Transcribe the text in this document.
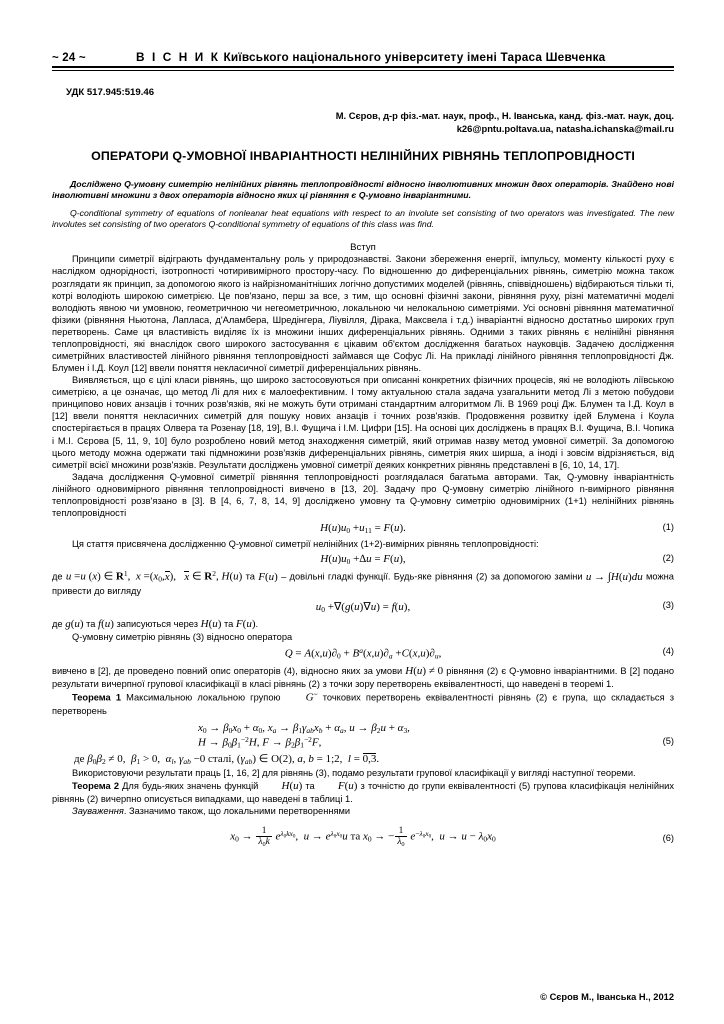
~ 24 ~	В І С Н И К Київського національного університету імені Тараса Шевченка
УДК 517.945:519.46
М. Сєров, д-р фіз.-мат. наук, проф., Н. Іванська, канд. фіз.-мат. наук, доц.
k26@pntu.poltava.ua, natasha.ichanska@mail.ru
ОПЕРАТОРИ Q-УМОВНОЇ ІНВАРІАНТНОСТІ НЕЛІНІЙНИХ РІВНЯНЬ ТЕПЛОПРОВІДНОСТІ
Досліджено Q-умовну симетрію нелінійних рівнянь теплопровідності відносно інволютивних множин двох операторів. Знайдено нові інволютивні множини з двох операторів відносно яких ці рівняння є Q-умовно інваріантними.
Q-conditional symmetry of equations of nonleanar heat equations with respect to an involute set consisting of two operators was investigated. The new involutes set consisting of two operators Q-conditional symmetry of equations of this class was find.
Вступ

Принципи симетрії відіграють фундаментальну роль у природознавстві. Закони збереження енергії, імпульсу, моменту кількості руху є наслідком однорідності, ізотропності чотиривимірного простору-часу. По відношенню до диференціальних рівнянь, симетрію можна також розглядати як принцип, за допомогою якого із найрізноманітніших логічно допустимих моделей (рівнянь, співвідношень) відбираються тільки ті, котрі володіють широкою симетрією. Це пов'язано, перш за все, з тим, що основні фізичні закони, рівняння руху, різні математичні моделі володіють явною чи умовною, геометричною чи негеометричною, локальною чи нелокальною симетріями. Усі основні рівняння математичної фізики (рівняння Ньютона, Лапласа, д'Аламбера, Шредінгера, Ліувілля, Дірака, Максвела і т.д.) інваріантні відносно достатньо широких груп перетворень. Саме ця властивість виділяє їх із множини інших диференціальних рівнянь. Одними з таких рівнянь є нелінійні рівняння теплопровідності, які внаслідок свого широкого застосування є цікавим об'єктом дослідження багатьох науковців. Задачею дослідження симетрійних властивостей лінійного рівняння теплопровідності займався ще Софус Лі. На прикладі лінійного рівняння теплопровідності Дж. Блумен і І.Д. Коул [12] ввели поняття некласичної симетрії диференціальних рівнянь.

Виявляється, що є цілі класи рівнянь, що широко застосовуються при описанні конкретних фізичних процесів, які не володіють ліївською симетрією, а це означає, що метод Лі для них є малоефективним. І тому актуальною стала задача узагальнити метод Лі з метою побудови принципово нових анзаців і точних розв'язків, які не можуть бути отримані стандартним алгоритмом Лі. В 1969 році Дж. Блумен та І.Д. Коул в [12] ввели поняття некласичних симетрій для пошуку нових анзаців і точних розв'язків. Продовження розвитку ідей Блумена і Коула спостерігається в працях Олвера та Розенау [18, 19], В.І. Фущича і І.М. Цифри [15]. На основі цих досліджень в працях В.І. Фущича, В.І. Чопика і М.І. Сєрова [5, 11, 9, 10] було розроблено новий метод знаходження симетрій, який отримав назву метод умовної симетрії. За допомогою цього методу можна одержати такі підмножини розв'язків диференціальних рівнянь, симетрія яких ширша, а іноді і зовсім відрізняється, від симетрії всієї множини розв'язків. Результати досліджень умовної симетрії деяких конкретних рівнянь представлені в [6, 10, 14, 17].

Задача дослідження Q-умовної симетрії рівняння теплопровідності розглядалася багатьма авторами. Так, Q-умовну інваріантність лінійного одновимірного рівняння теплопровідності вивчено в [13, 20]. Задачу про Q-умовну симетрію лінійного n-вимірного рівняння теплопровідності розв'язано в [3]. В [4, 6, 7, 8, 14, 9] досліджено умовну та Q-умовну симетрію одновимірних (1+1) нелінійних рівнянь теплопровідності

$H(u)u_0 +u_{11} = F(u)$.	(1)

Ця стаття присвячена дослідженню Q-умовної симетрії нелінійних (1+2)-вимірних рівнянь теплопровідності:

$H(u)u_0 +\Delta u = F(u)$,	(2)

де u =u (x) ∈ $R^1$,  $x =(x_0,x)$,   x ∈ $R^2$, H(u) та F(u) – довільні гладкі функції. Будь-яке рівняння (2) за допомогою заміни u → ∫H(u)du можна привести до вигляду

$u_0 +\nabla(g(u)\nabla u) = f(u)$,	(3)

де g(u) та f(u) записуються через H(u) та F(u).

Q-умовну симетрію рівнянь (3) відносно оператора

$Q = A(x,u)\partial_0 + B^a(x,u)\partial_a +C(x,u)\partial_u$,	(4)

вивчено в [2], де проведено повний опис операторів (4), відносно яких за умови H(u) ≠ 0 рівняння (2) є Q-умовно інваріантними. В [2] подано результати вичерпної групової класифікації в класі рівнянь (2) з точки зору перетворень еквівалентності, що наведені в теоремі 1.

Теорема 1 Максимальною локальною групою G~ точкових перетворень еквівалентності рівнянь (2) є група, що складається з перетворень

$x_0 \to \beta_0x_0 + \alpha_0$, $x_a \to \beta_1\gamma_{ab}x_b + \alpha_a$, $u \to \beta_2u + \alpha_3$,
$H \to \beta_0\beta_1^{-2}H$, $F \to \beta_2\beta_1^{-2}F$,	(5)

де $\beta_0\beta_2 \ne 0$,  $\beta_1 > 0$,  $\alpha_l$, $\gamma_{ab} -0$ сталі, $(\gamma_{ab})$ ∈ O(2), a, b = 1;2,  l = 0,3.

Використовуючи результати праць [1, 16, 2] для рівнянь (3), подамо результати групової класифікації у вигляді наступної теореми.

Теорема 2 Для будь-яких значень функцій H(u) та F(u) з точністю до групи еквівалентності (5) групова класифікація нелінійних рівнянь (2) вичерпно описується випадками, що наведені в таблиці 1.

Зауваження. Зазначимо також, що локальними перетвореннями

$x_0 \to \frac{1}{\lambda_0k} e^{\lambda_0kx_0}$,  $u \to e^{\lambda_0x_0}u$ та $x_0$ → − $\frac{1}{\lambda_0} e^{-\lambda_0x_0}$,  $u \to u - \lambda_0x_0$	(6)
© Сєров М., Іванська Н., 2012
